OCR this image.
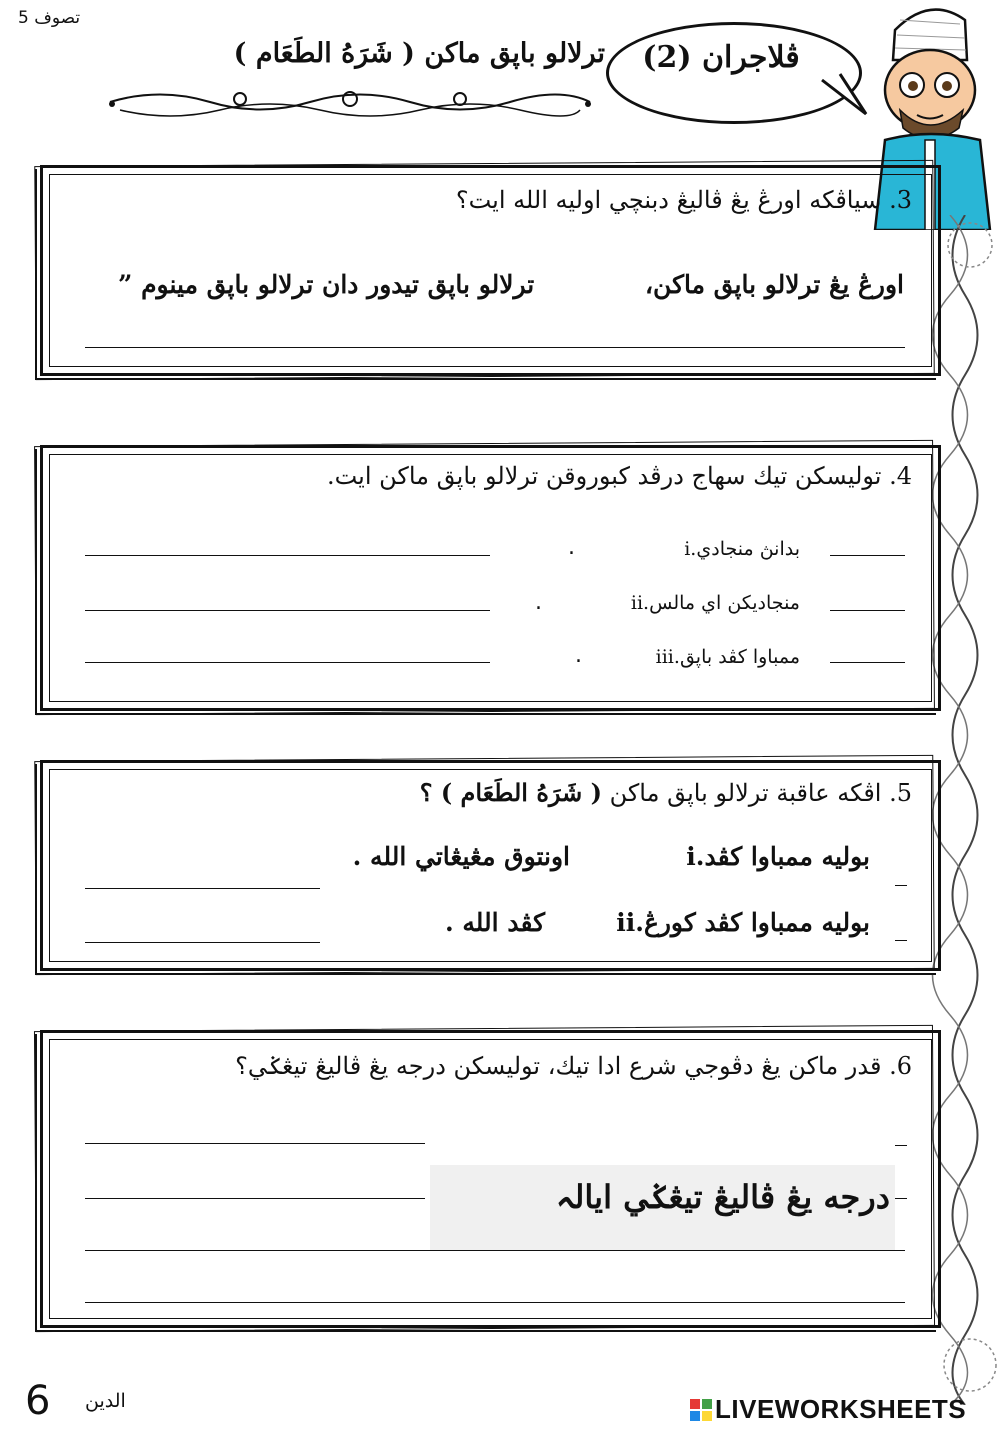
تصوف 5
ترلالو باپق ماکن ( شَرَهُ الطَعَام )	ڤلاجران (2)
3. سياڤکه اورڠ يڠ ڤاليڠ دبنچي اوليه الله ايت؟
اورڠ يڠ ترلالو باپق ماکن،
ترلالو باپق تيدور دان ترلالو باپق مينوم ”
4. توليسکن تيك سهاج درڤد کبوروقن ترلالو باپق ماکن ايت.
i.بدانڽ منجادي
.
ii.منجاديکن اي مالس
.
iii.ممباوا کڤد باپق
.
5. اڤکه عاقبة ترلالو باپق ماکن ( شَرَهُ الطَعَام ) ؟
i.بوليه ممباوا کڤد
اونتوق مڠيڠاتي الله .
ii.بوليه ممباوا کڤد کورڠ
کڤد الله .
6. قدر ماکن يڠ دڤوجي شرع ادا تيك، توليسکن درجه يڠ ڤاليڠ تيڠݢي؟
درجه يڠ ڤاليڠ تيڠݢي ايالہ
6 الدين	LIVEWORKSHEETS
